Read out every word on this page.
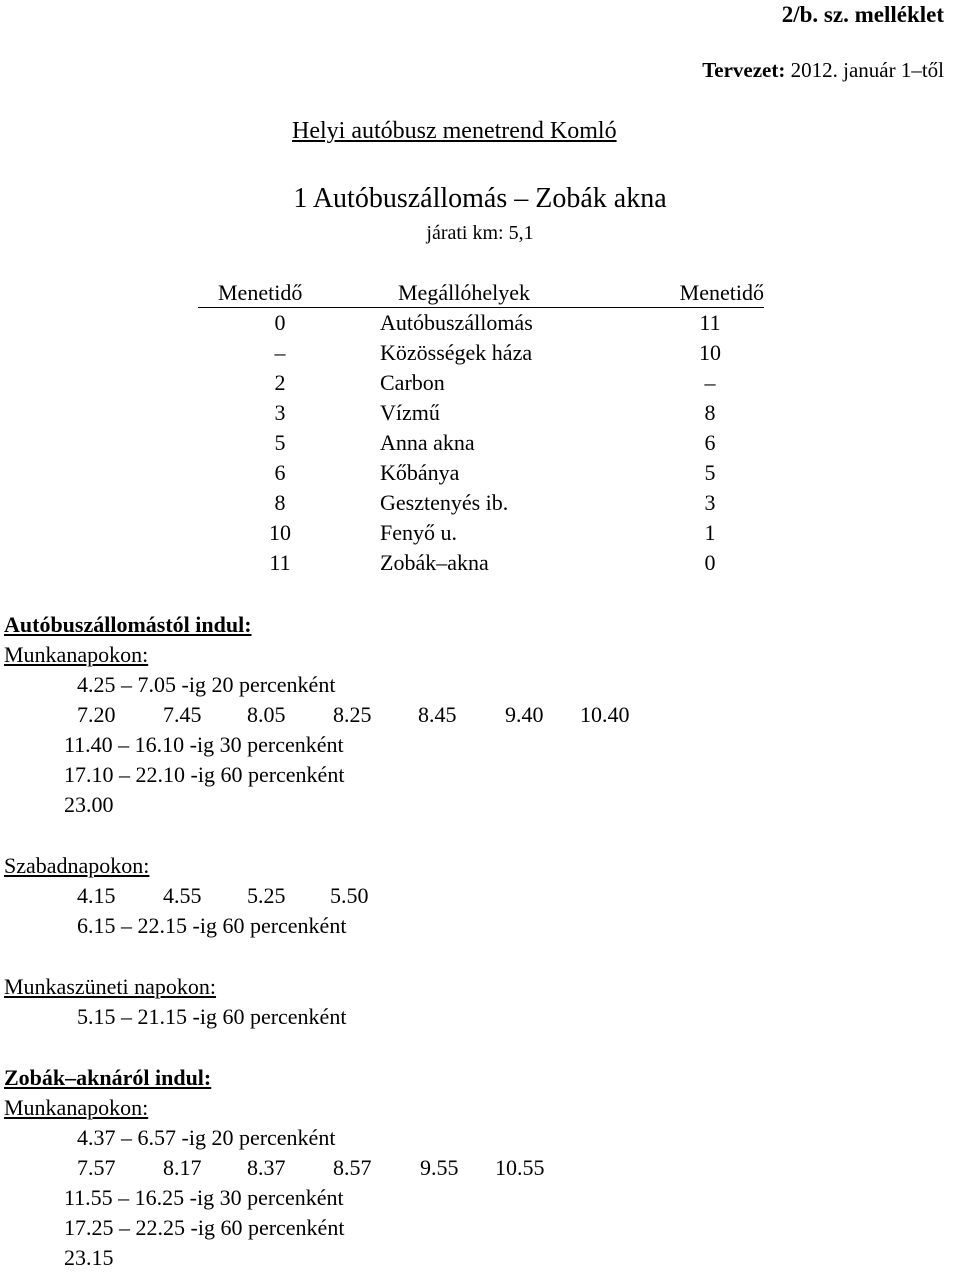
2/b. sz. melléklet
Tervezet: 2012. január 1–től
Helyi autóbusz menetrend Komló
1 Autóbuszállomás – Zobák akna
járati km: 5,1
Menetidő	Megállóhelyek	Menetidő
0	Autóbuszállomás	11
–	Közösségek háza	10
2	Carbon	–
3	Vízmű	8
5	Anna akna	6
6	Kőbánya	5
8	Gesztenyés ib.	3
10	Fenyő u.	1
11	Zobák–akna	0
Autóbuszállomástól indul:
Munkanapokon:
4.25 – 7.05 -ig 20 percenként
7.20 7.45 8.05 8.25 8.45 9.40 10.40
11.40 – 16.10 -ig 30 percenként
17.10 – 22.10 -ig 60 percenként
23.00
Szabadnapokon:
4.15 4.55 5.25 5.50
6.15 – 22.15 -ig 60 percenként
Munkaszüneti napokon:
5.15 – 21.15 -ig 60 percenként
Zobák–aknáról indul:
Munkanapokon:
4.37 – 6.57 -ig 20 percenként
7.57 8.17 8.37 8.57 9.55 10.55
11.55 – 16.25 -ig 30 percenként
17.25 – 22.25 -ig 60 percenként
23.15
